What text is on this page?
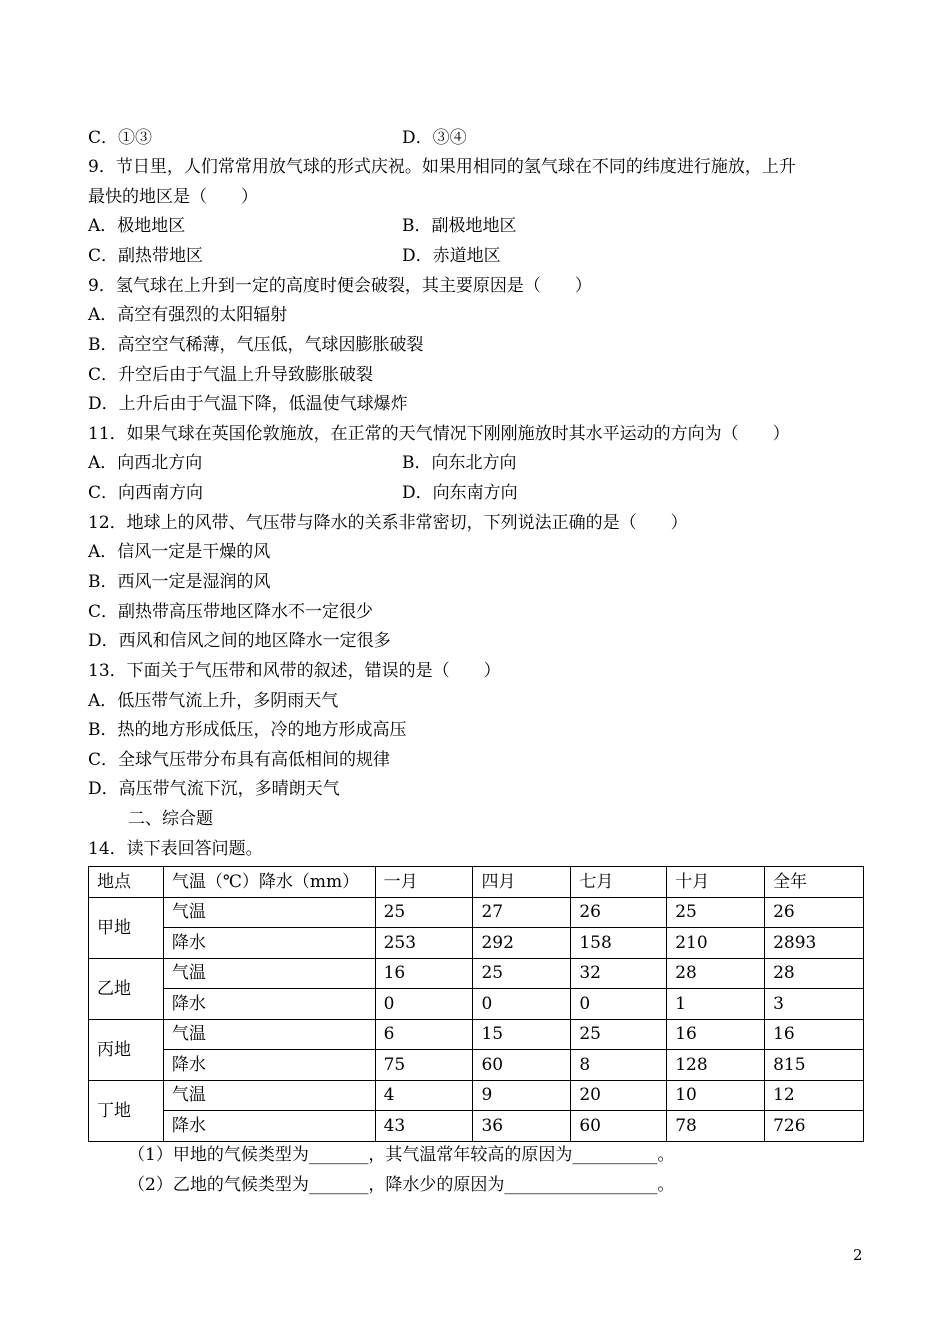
C．①③	D．③④
9．节日里，人们常常用放气球的形式庆祝。如果用相同的氢气球在不同的纬度进行施放，上升
最快的地区是（　　）
A．极地地区	B．副极地地区
C．副热带地区	D．赤道地区
9．氢气球在上升到一定的高度时便会破裂，其主要原因是（　　）
A．高空有强烈的太阳辐射
B．高空空气稀薄，气压低，气球因膨胀破裂
C．升空后由于气温上升导致膨胀破裂
D．上升后由于气温下降，低温使气球爆炸
11．如果气球在英国伦敦施放，在正常的天气情况下刚刚施放时其水平运动的方向为（　　）
A．向西北方向	B．向东北方向
C．向西南方向	D．向东南方向
12．地球上的风带、气压带与降水的关系非常密切，下列说法正确的是（　　）
A．信风一定是干燥的风
B．西风一定是湿润的风
C．副热带高压带地区降水不一定很少
D．西风和信风之间的地区降水一定很多
13．下面关于气压带和风带的叙述，错误的是（　　）
A．低压带气流上升，多阴雨天气
B．热的地方形成低压，冷的地方形成高压
C．全球气压带分布具有高低相间的规律
D．高压带气流下沉，多晴朗天气
二、综合题
14．读下表回答问题。
地点	气温（℃）降水（mm）	一月	四月	七月	十月	全年
甲地	气温	25	27	26	25	26
	降水	253	292	158	210	2893
乙地	气温	16	25	32	28	28
	降水	0	0	0	1	3
丙地	气温	6	15	25	16	16
	降水	75	60	8	128	815
丁地	气温	4	9	20	10	12
	降水	43	36	60	78	726
（1）甲地的气候类型为_______，其气温常年较高的原因为__________。
（2）乙地的气候类型为_______，降水少的原因为__________________。
2
